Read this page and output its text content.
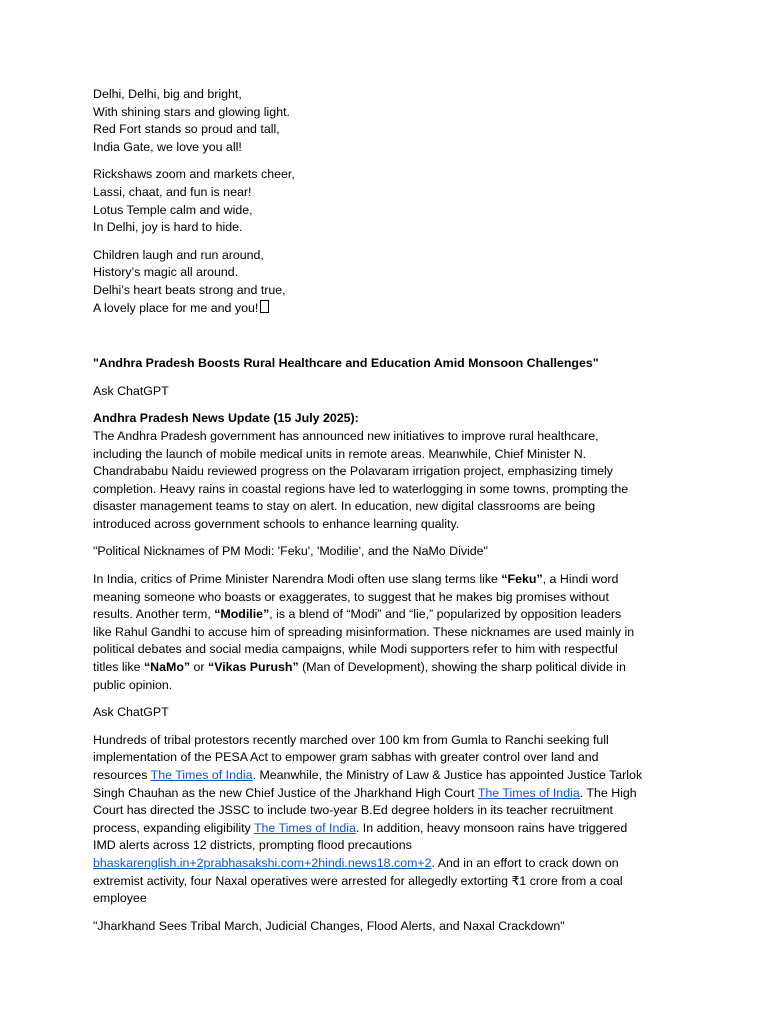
Delhi, Delhi, big and bright,
With shining stars and glowing light.
Red Fort stands so proud and tall,
India Gate, we love you all!
Rickshaws zoom and markets cheer,
Lassi, chaat, and fun is near!
Lotus Temple calm and wide,
In Delhi, joy is hard to hide.
Children laugh and run around,
History’s magic all around.
Delhi’s heart beats strong and true,
A lovely place for me and you!
"Andhra Pradesh Boosts Rural Healthcare and Education Amid Monsoon Challenges"
Ask ChatGPT
Andhra Pradesh News Update (15 July 2025):
The Andhra Pradesh government has announced new initiatives to improve rural healthcare,
including the launch of mobile medical units in remote areas. Meanwhile, Chief Minister N.
Chandrababu Naidu reviewed progress on the Polavaram irrigation project, emphasizing timely
completion. Heavy rains in coastal regions have led to waterlogging in some towns, prompting the
disaster management teams to stay on alert. In education, new digital classrooms are being
introduced across government schools to enhance learning quality.
"Political Nicknames of PM Modi: 'Feku', 'Modilie', and the NaMo Divide"
In India, critics of Prime Minister Narendra Modi often use slang terms like “Feku”, a Hindi word
meaning someone who boasts or exaggerates, to suggest that he makes big promises without
results. Another term, “Modilie”, is a blend of “Modi” and “lie,” popularized by opposition leaders
like Rahul Gandhi to accuse him of spreading misinformation. These nicknames are used mainly in
political debates and social media campaigns, while Modi supporters refer to him with respectful
titles like “NaMo” or “Vikas Purush” (Man of Development), showing the sharp political divide in
public opinion.
Ask ChatGPT
Hundreds of tribal protestors recently marched over 100 km from Gumla to Ranchi seeking full
implementation of the PESA Act to empower gram sabhas with greater control over land and
resources The Times of India. Meanwhile, the Ministry of Law & Justice has appointed Justice Tarlok
Singh Chauhan as the new Chief Justice of the Jharkhand High Court The Times of India. The High
Court has directed the JSSC to include two-year B.Ed degree holders in its teacher recruitment
process, expanding eligibility The Times of India. In addition, heavy monsoon rains have triggered
IMD alerts across 12 districts, prompting flood precautions
bhaskarenglish.in+2prabhasakshi.com+2hindi.news18.com+2. And in an effort to crack down on
extremist activity, four Naxal operatives were arrested for allegedly extorting ₹1 crore from a coal
employee
"Jharkhand Sees Tribal March, Judicial Changes, Flood Alerts, and Naxal Crackdown"
